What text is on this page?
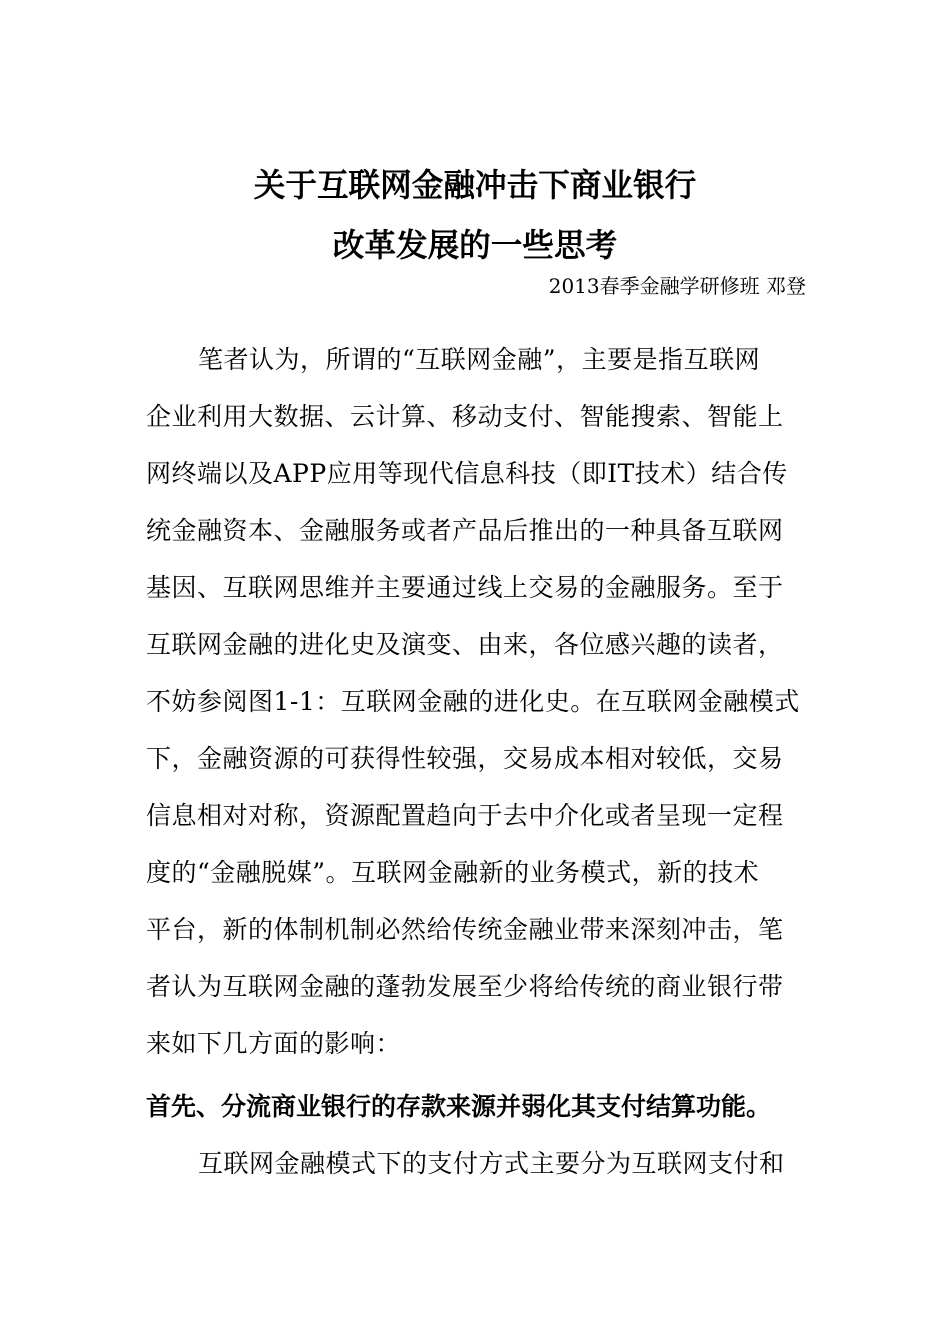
关于互联网金融冲击下商业银行
改革发展的一些思考
2013春季金融学研修班 邓登
笔者认为，所谓的“互联网金融”，主要是指互联网
企业利用大数据、云计算、移动支付、智能搜索、智能上
网终端以及APP应用等现代信息科技（即IT技术）结合传
统金融资本、金融服务或者产品后推出的一种具备互联网
基因、互联网思维并主要通过线上交易的金融服务。至于
互联网金融的进化史及演变、由来，各位感兴趣的读者，
不妨参阅图1-1：互联网金融的进化史。在互联网金融模式
下，金融资源的可获得性较强，交易成本相对较低，交易
信息相对对称，资源配置趋向于去中介化或者呈现一定程
度的“金融脱媒”。互联网金融新的业务模式，新的技术
平台，新的体制机制必然给传统金融业带来深刻冲击，笔
者认为互联网金融的蓬勃发展至少将给传统的商业银行带
来如下几方面的影响：
首先、分流商业银行的存款来源并弱化其支付结算功能。
互联网金融模式下的支付方式主要分为互联网支付和
